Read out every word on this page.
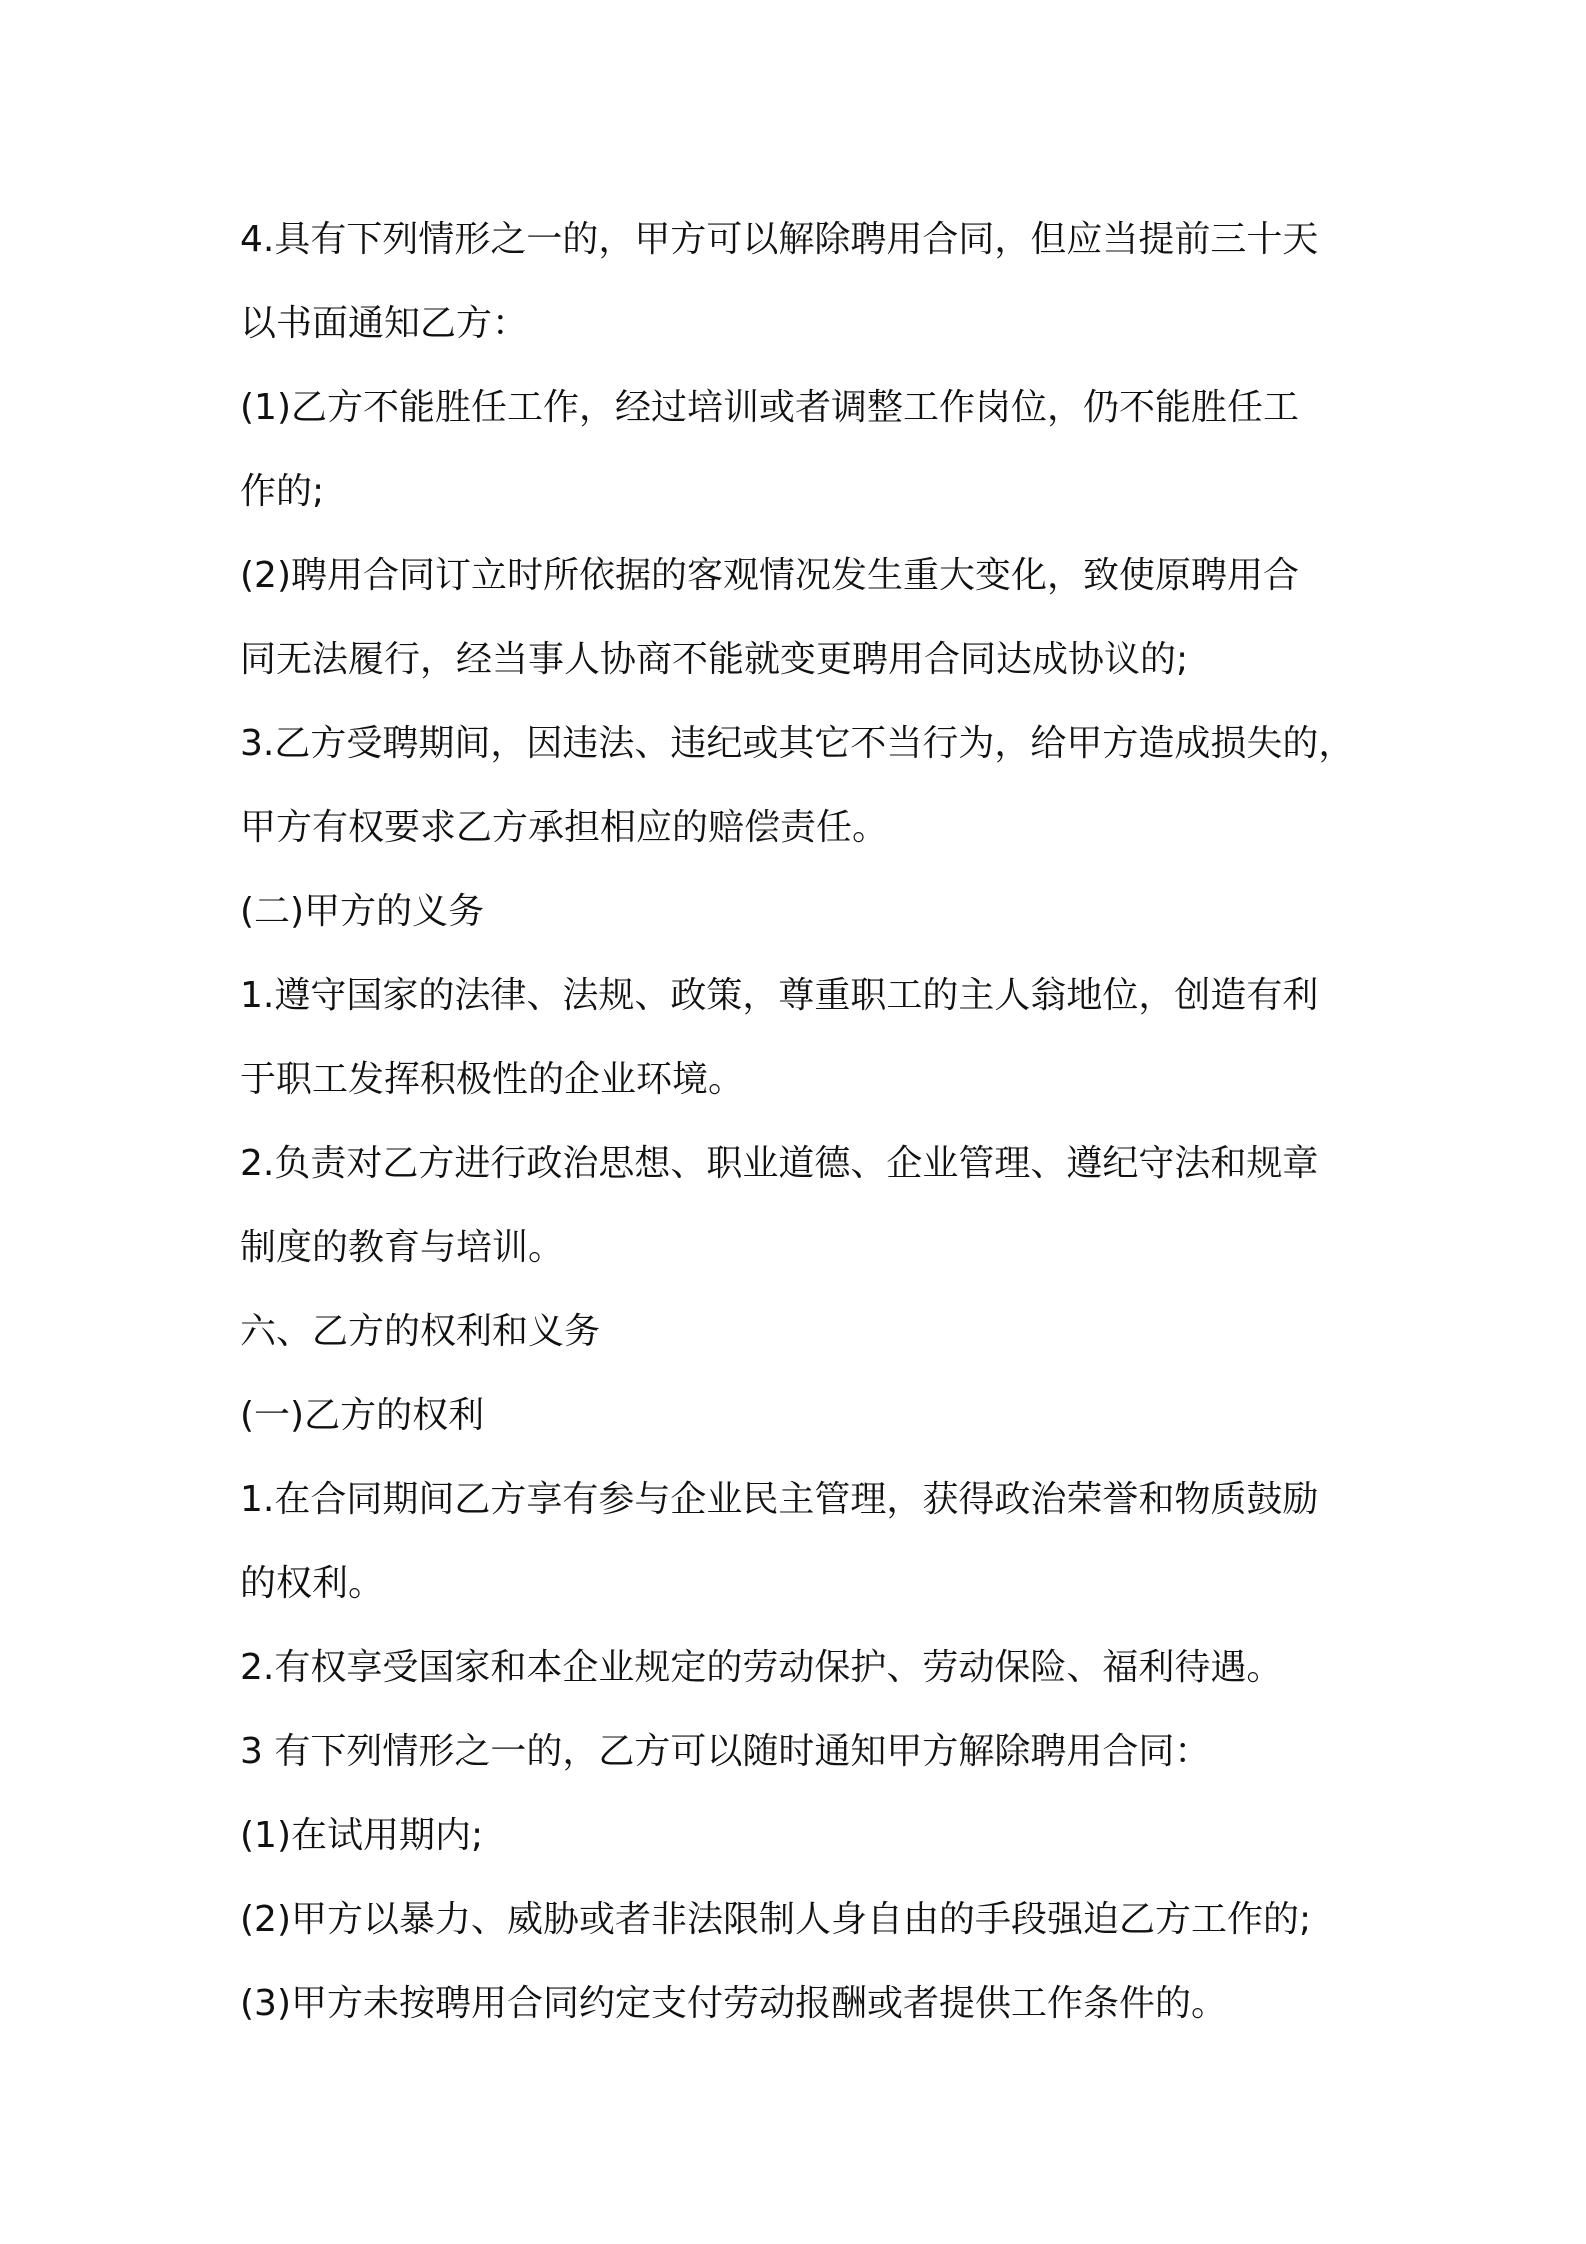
4.具有下列情形之一的，甲方可以解除聘用合同，但应当提前三十天
以书面通知乙方：
(1)乙方不能胜任工作，经过培训或者调整工作岗位，仍不能胜任工
作的;
(2)聘用合同订立时所依据的客观情况发生重大变化，致使原聘用合
同无法履行，经当事人协商不能就变更聘用合同达成协议的;
3.乙方受聘期间，因违法、违纪或其它不当行为，给甲方造成损失的，
甲方有权要求乙方承担相应的赔偿责任。
(二)甲方的义务
1.遵守国家的法律、法规、政策，尊重职工的主人翁地位，创造有利
于职工发挥积极性的企业环境。
2.负责对乙方进行政治思想、职业道德、企业管理、遵纪守法和规章
制度的教育与培训。
六、乙方的权利和义务
(一)乙方的权利
1.在合同期间乙方享有参与企业民主管理，获得政治荣誉和物质鼓励
的权利。
2.有权享受国家和本企业规定的劳动保护、劳动保险、福利待遇。
3 有下列情形之一的，乙方可以随时通知甲方解除聘用合同：
(1)在试用期内;
(2)甲方以暴力、威胁或者非法限制人身自由的手段强迫乙方工作的;
(3)甲方未按聘用合同约定支付劳动报酬或者提供工作条件的。
